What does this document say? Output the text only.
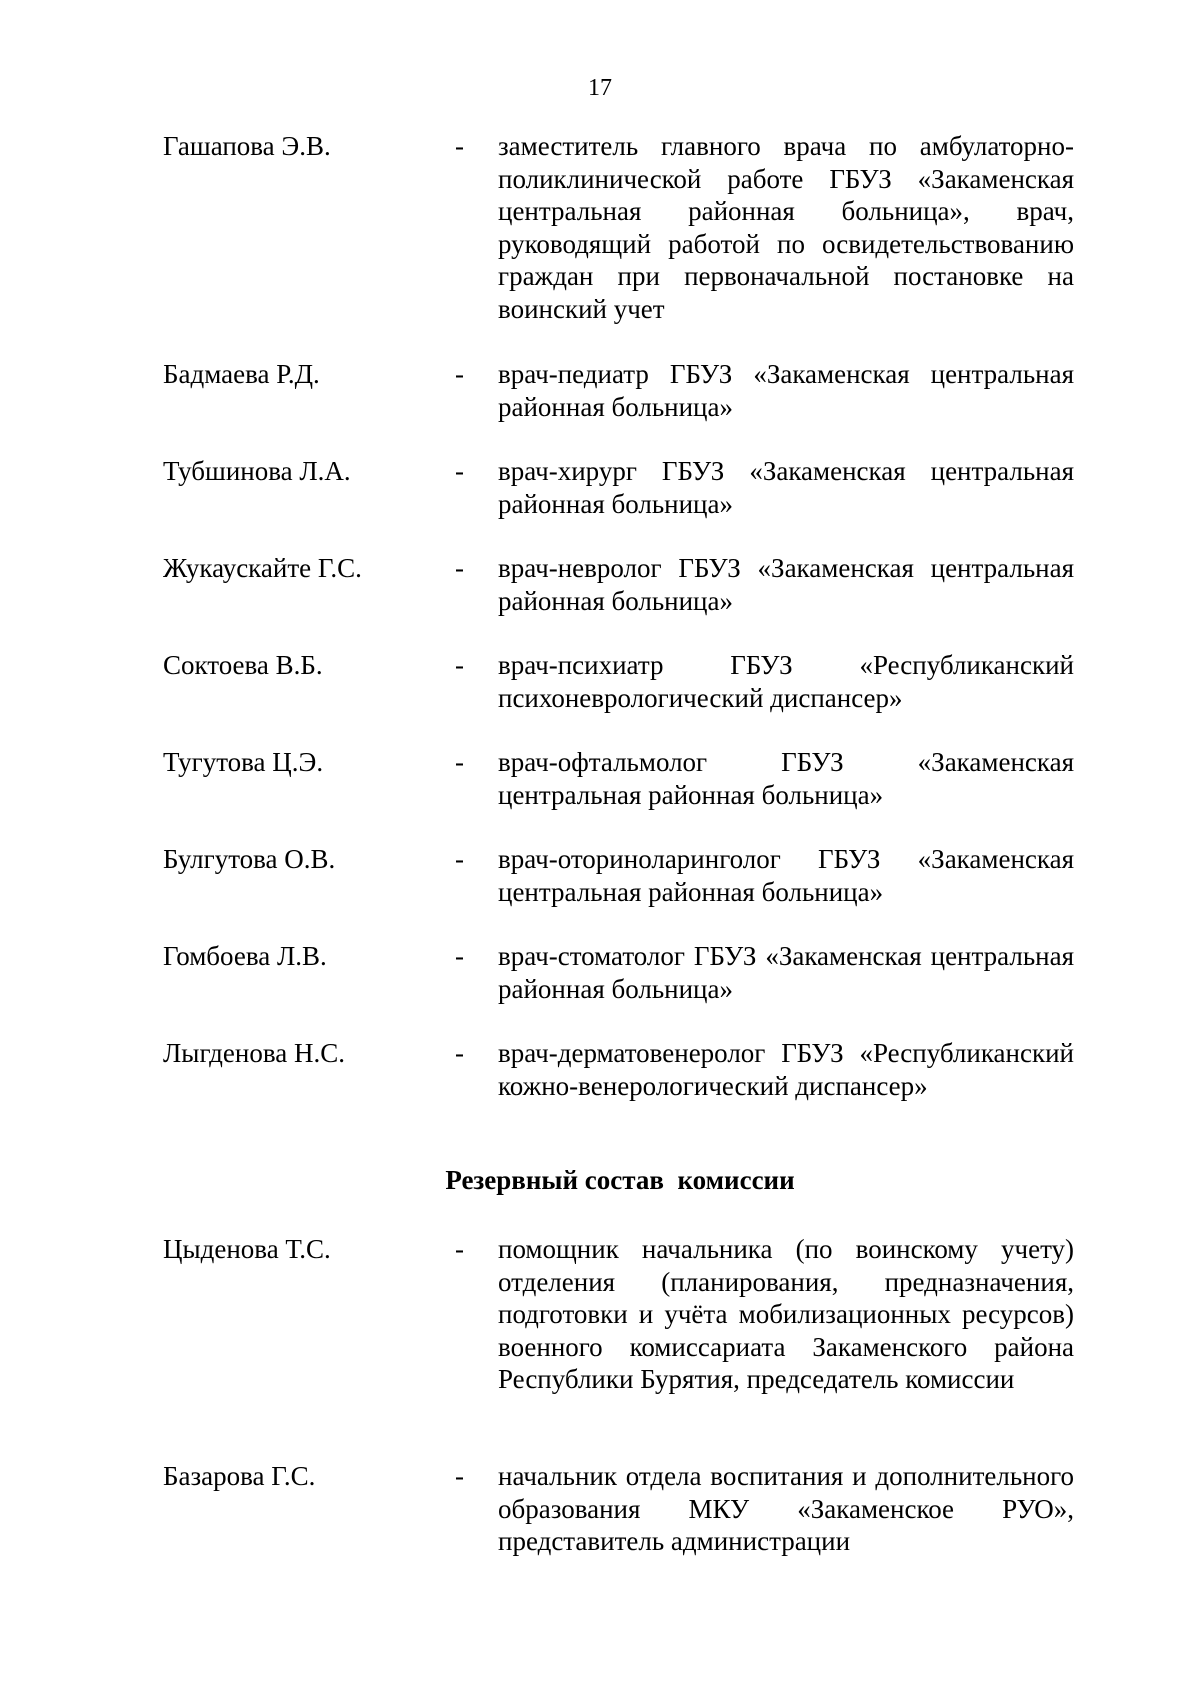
17
Гашапова Э.В.	- заместитель главного врача по амбулаторно-поликлинической работе ГБУЗ «Закаменская центральная районная больница», врач, руководящий работой по освидетельствованию граждан при первоначальной постановке на воинский учет
Бадмаева Р.Д.	- врач-педиатр ГБУЗ «Закаменская центральная районная больница»
Тубшинова Л.А.	- врач-хирург ГБУЗ «Закаменская центральная районная больница»
Жукаускайте Г.С.	- врач-невролог ГБУЗ «Закаменская центральная районная больница»
Соктоева В.Б.	- врач-психиатр ГБУЗ «Республиканский психоневрологический диспансер»
Тугутова Ц.Э.	- врач-офтальмолог ГБУЗ «Закаменская центральная районная больница»
Булгутова О.В.	- врач-оториноларинголог ГБУЗ «Закаменская центральная районная больница»
Гомбоева Л.В.	- врач-стоматолог ГБУЗ «Закаменская центральная районная больница»
Лыгденова Н.С.	- врач-дерматовенеролог ГБУЗ «Республиканский кожно-венерологический диспансер»
Резервный состав  комиссии
Цыденова Т.С.	- помощник начальника (по воинскому учету) отделения (планирования, предназначения, подготовки и учёта мобилизационных ресурсов) военного комиссариата Закаменского района Республики Бурятия, председатель комиссии
Базарова Г.С.	- начальник отдела воспитания и дополнительного образования МКУ «Закаменское РУО», представитель администрации
